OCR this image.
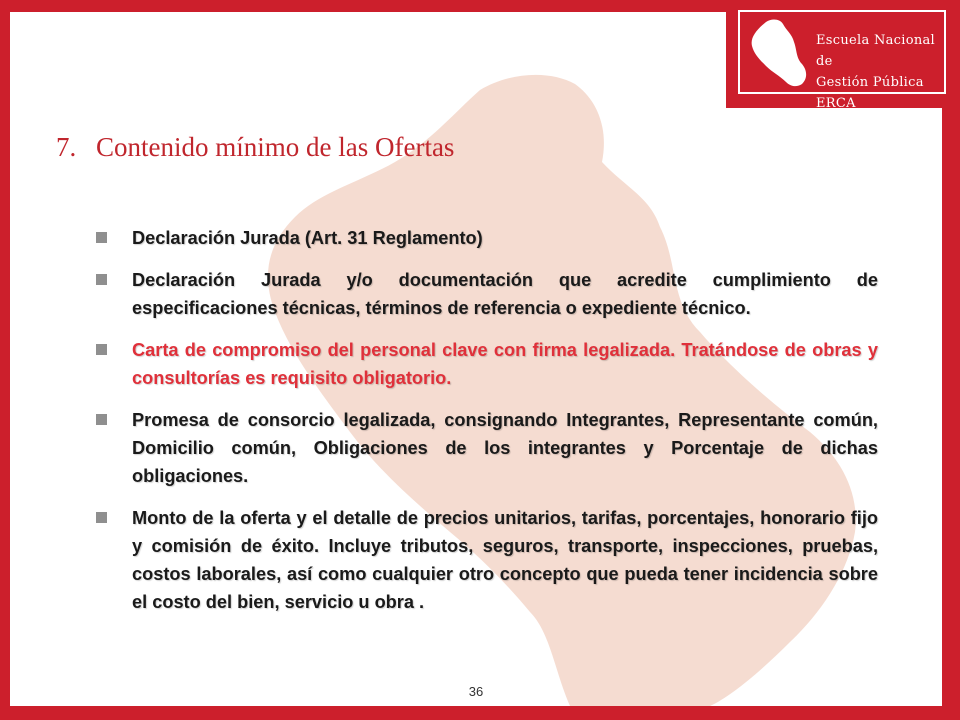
7. Contenido mínimo de las Ofertas
Declaración Jurada (Art. 31 Reglamento)
Declaración Jurada y/o documentación que acredite cumplimiento de especificaciones técnicas, términos de referencia o expediente técnico.
Carta de compromiso del personal clave con firma legalizada. Tratándose de obras y consultorías es requisito obligatorio.
Promesa de consorcio legalizada, consignando Integrantes, Representante común, Domicilio común, Obligaciones de los integrantes y Porcentaje de dichas obligaciones.
Monto de la oferta y el detalle de precios unitarios, tarifas, porcentajes, honorario fijo y comisión de éxito. Incluye tributos, seguros, transporte, inspecciones, pruebas, costos laborales, así como cualquier otro concepto que pueda tener incidencia sobre el costo del bien, servicio u obra .
36
Escuela Nacional de
Gestión Pública ERCA
